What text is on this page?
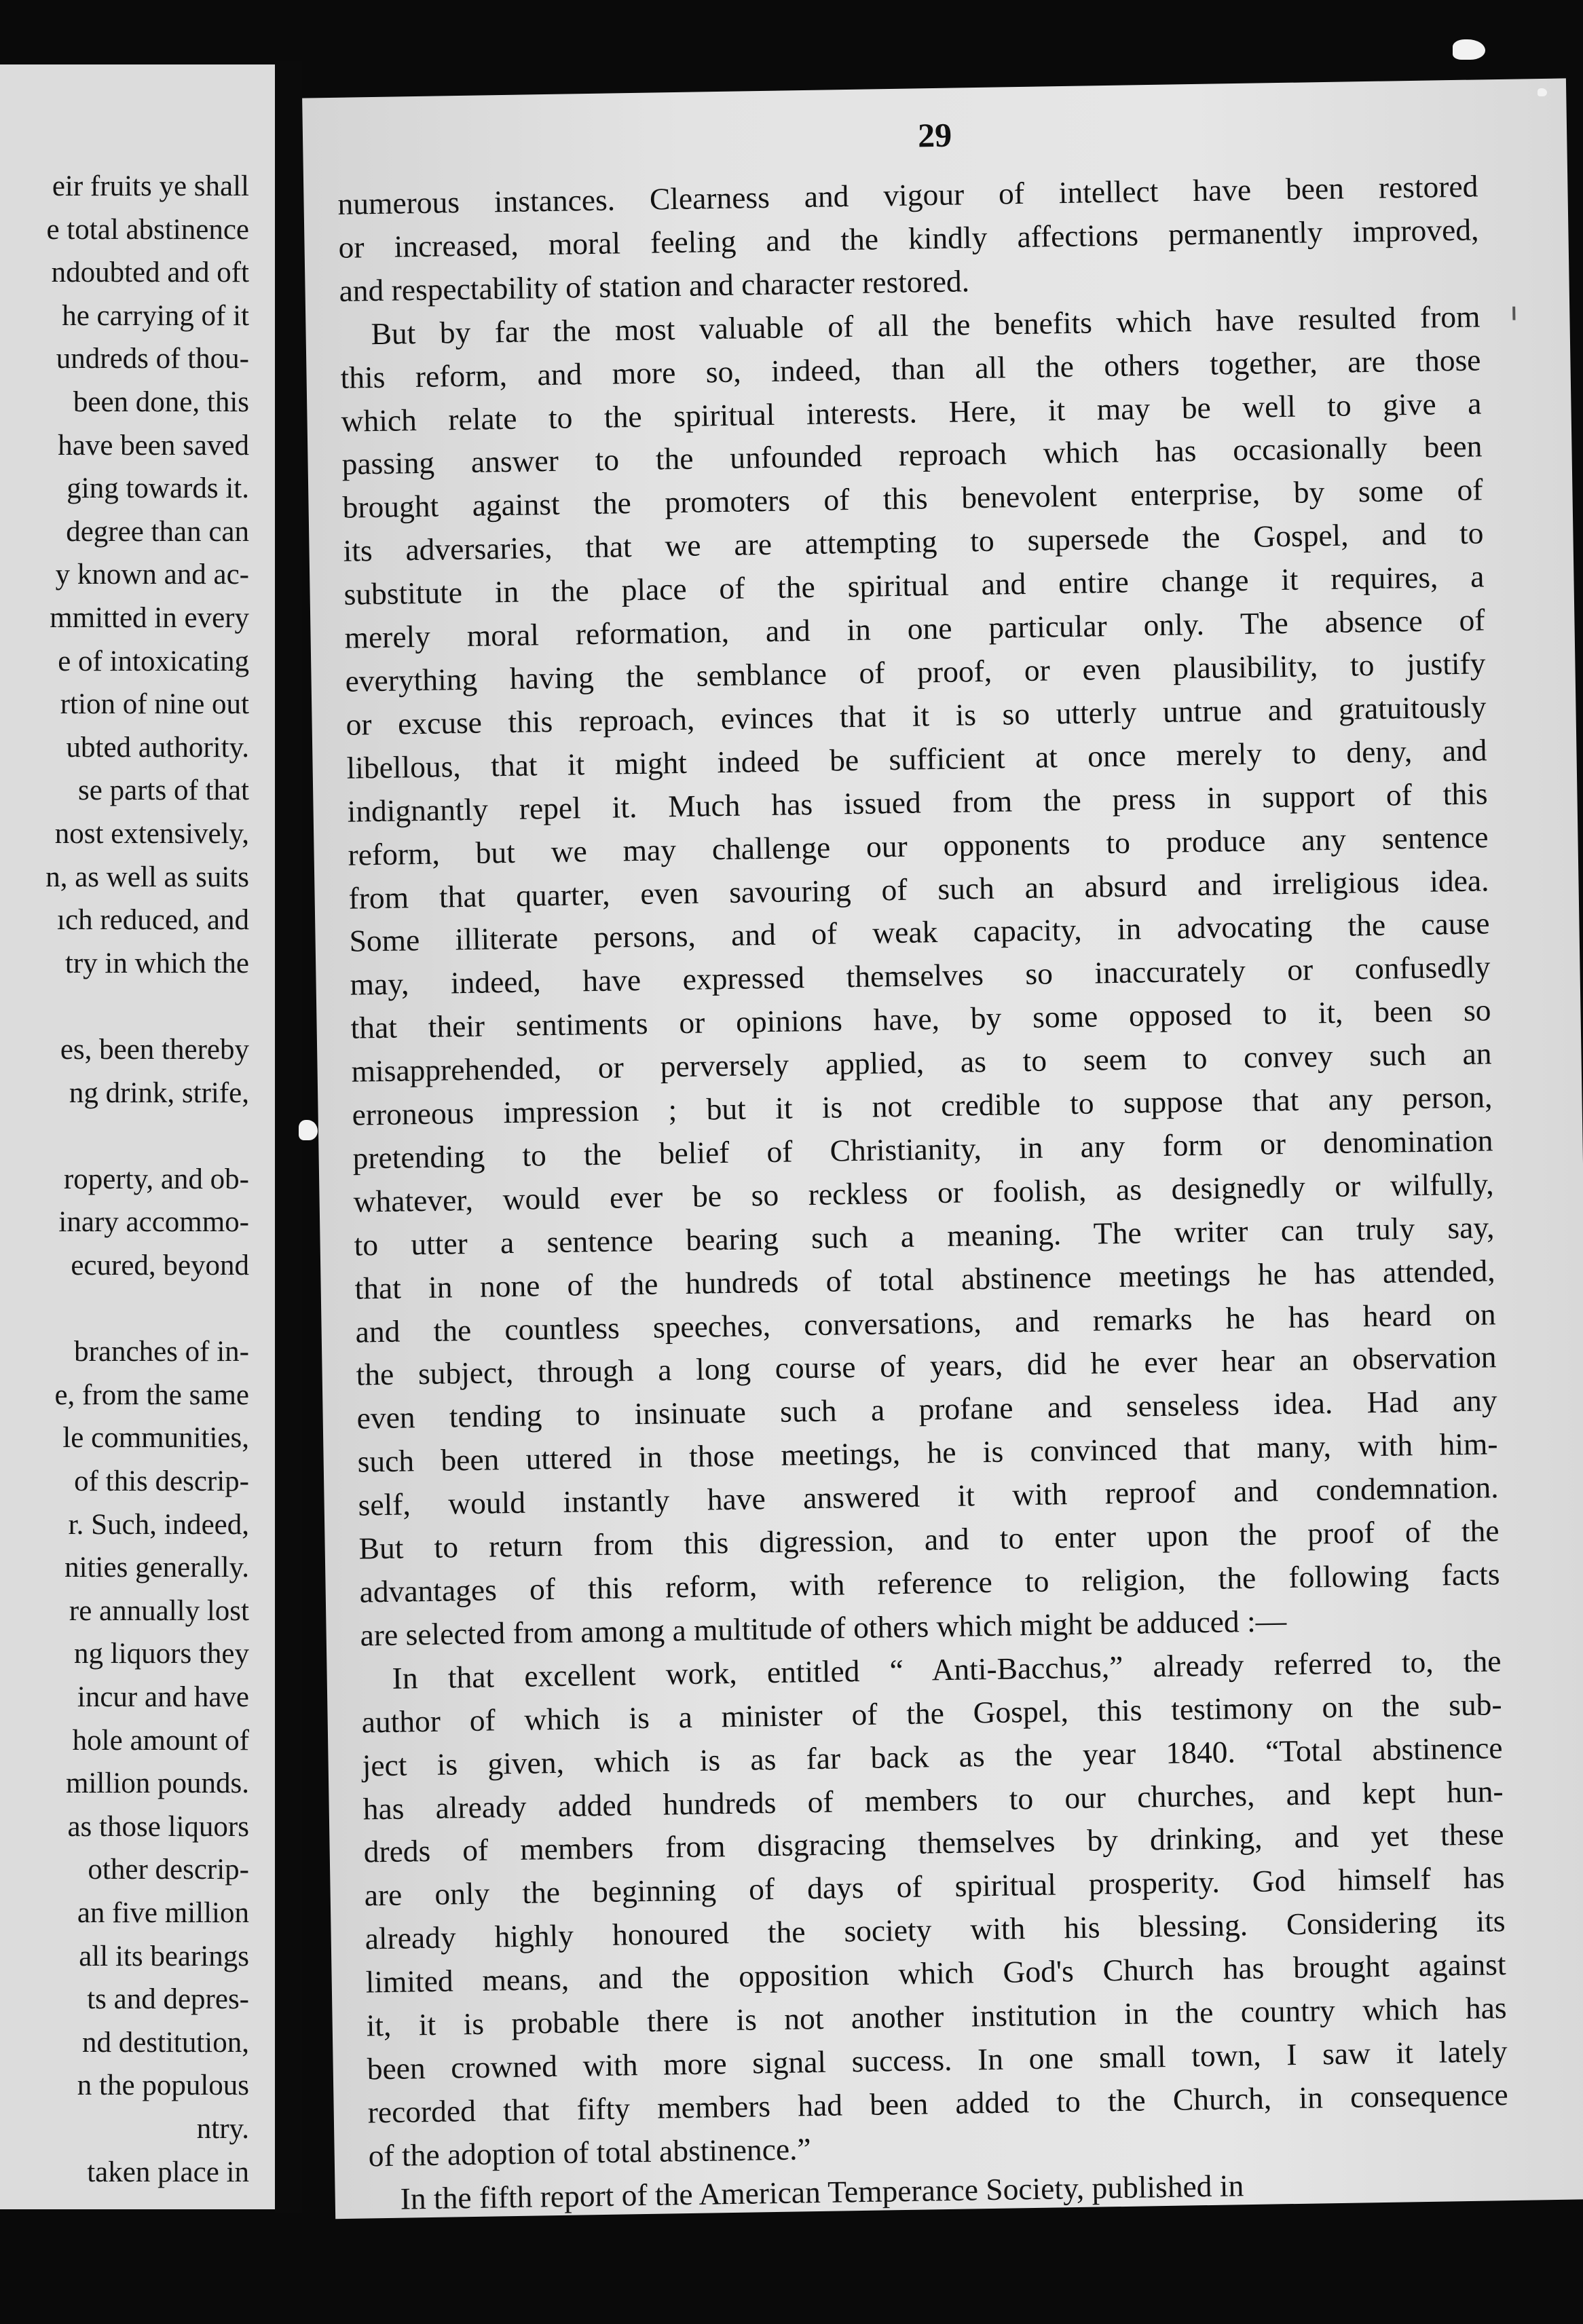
eir fruits ye shall
e total abstinence
ndoubted and oft
he carrying of it
undreds of thou-
been done, this
have been saved
ging towards it.
degree than can
y known and ac-
mmitted in every
e of intoxicating
rtion of nine out
ubted authority.
se parts of that
nost extensively,
n, as well as suits
ıch reduced, and
try in which the
es, been thereby
ng drink, strife,
roperty, and ob-
inary accommo-
ecured, beyond
branches of in-
e, from the same
le communities,
of this descrip-
r. Such, indeed,
nities generally.
re annually lost
ng liquors they
incur and have
hole amount of
million pounds.
as those liquors
other descrip-
an five million
all its bearings
ts and depres-
nd destitution,
n the populous
ntry.
taken place in
29
numerous instances. Clearness and vigour of intellect have been restored
or increased, moral feeling and the kindly affections permanently improved,
and respectability of station and character restored.
But by far the most valuable of all the benefits which have resulted from
this reform, and more so, indeed, than all the others together, are those
which relate to the spiritual interests. Here, it may be well to give a
passing answer to the unfounded reproach which has occasionally been
brought against the promoters of this benevolent enterprise, by some of
its adversaries, that we are attempting to supersede the Gospel, and to
substitute in the place of the spiritual and entire change it requires, a
merely moral reformation, and in one particular only. The absence of
everything having the semblance of proof, or even plausibility, to justify
or excuse this reproach, evinces that it is so utterly untrue and gratuitously
libellous, that it might indeed be sufficient at once merely to deny, and
indignantly repel it. Much has issued from the press in support of this
reform, but we may challenge our opponents to produce any sentence
from that quarter, even savouring of such an absurd and irreligious idea.
Some illiterate persons, and of weak capacity, in advocating the cause
may, indeed, have expressed themselves so inaccurately or confusedly
that their sentiments or opinions have, by some opposed to it, been so
misapprehended, or perversely applied, as to seem to convey such an
erroneous impression ; but it is not credible to suppose that any person,
pretending to the belief of Christianity, in any form or denomination
whatever, would ever be so reckless or foolish, as designedly or wilfully,
to utter a sentence bearing such a meaning. The writer can truly say,
that in none of the hundreds of total abstinence meetings he has attended,
and the countless speeches, conversations, and remarks he has heard on
the subject, through a long course of years, did he ever hear an observation
even tending to insinuate such a profane and senseless idea. Had any
such been uttered in those meetings, he is convinced that many, with him-
self, would instantly have answered it with reproof and condemnation.
But to return from this digression, and to enter upon the proof of the
advantages of this reform, with reference to religion, the following facts
are selected from among a multitude of others which might be adduced :—
In that excellent work, entitled “ Anti-Bacchus,” already referred to, the
author of which is a minister of the Gospel, this testimony on the sub-
ject is given, which is as far back as the year 1840. “Total abstinence
has already added hundreds of members to our churches, and kept hun-
dreds of members from disgracing themselves by drinking, and yet these
are only the beginning of days of spiritual prosperity. God himself has
already highly honoured the society with his blessing. Considering its
limited means, and the opposition which God's Church has brought against
it, it is probable there is not another institution in the country which has
been crowned with more signal success. In one small town, I saw it lately
recorded that fifty members had been added to the Church, in consequence
of the adoption of total abstinence.”
In the fifth report of the American Temperance Society, published in
